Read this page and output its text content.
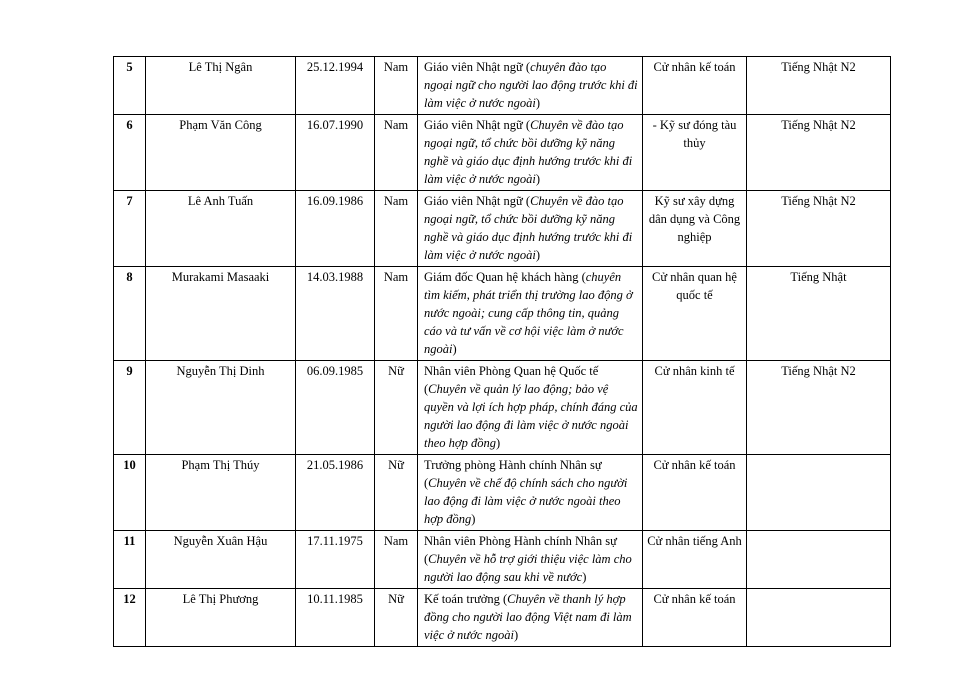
5	Lê Thị Ngân	25.12.1994	Nam	Giáo viên Nhật ngữ (chuyên đào tạo ngoại ngữ cho người lao động trước khi đi làm việc ở nước ngoài)	Cử nhân kế toán	Tiếng Nhật N2
6	Phạm Văn Công	16.07.1990	Nam	Giáo viên Nhật ngữ (Chuyên về đào tạo ngoại ngữ, tổ chức bồi dưỡng kỹ năng nghề và giáo dục định hướng trước khi đi làm việc ở nước ngoài)	- Kỹ sư đóng tàu thủy	Tiếng Nhật N2
7	Lê Anh Tuấn	16.09.1986	Nam	Giáo viên Nhật ngữ (Chuyên về đào tạo ngoại ngữ, tổ chức bồi dưỡng kỹ năng nghề và giáo dục định hướng trước khi đi làm việc ở nước ngoài)	Kỹ sư xây dựng dân dụng và Công nghiệp	Tiếng Nhật N2
8	Murakami Masaaki	14.03.1988	Nam	Giám đốc Quan hệ khách hàng (chuyên tìm kiếm, phát triển thị trường lao động ở nước ngoài; cung cấp thông tin, quảng cáo và tư vấn về cơ hội việc làm ở nước ngoài)	Cử nhân quan hệ quốc tế	Tiếng Nhật
9	Nguyễn Thị Dinh	06.09.1985	Nữ	Nhân viên Phòng Quan hệ Quốc tế (Chuyên về quản lý lao động; bảo vệ quyền và lợi ích hợp pháp, chính đáng của người lao động đi làm việc ở nước ngoài theo hợp đồng)	Cử nhân kinh tế	Tiếng Nhật N2
10	Phạm Thị Thúy	21.05.1986	Nữ	Trưởng phòng Hành chính Nhân sự (Chuyên về chế độ chính sách cho người lao động đi làm việc ở nước ngoài theo hợp đồng)	Cử nhân kế toán	
11	Nguyễn Xuân Hậu	17.11.1975	Nam	Nhân viên Phòng Hành chính Nhân sự (Chuyên về hỗ trợ giới thiệu việc làm cho người lao động sau khi về nước)	Cử nhân tiếng Anh	
12	Lê Thị Phương	10.11.1985	Nữ	Kế toán trưởng (Chuyên về thanh lý hợp đồng cho người lao động Việt nam đi làm việc ở nước ngoài)	Cử nhân kế toán	
